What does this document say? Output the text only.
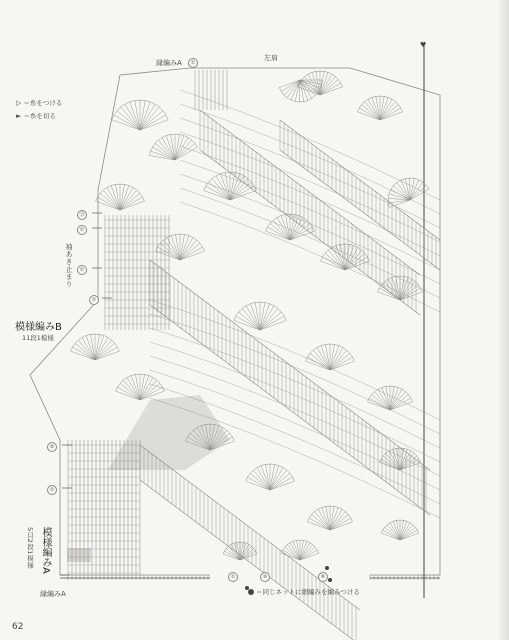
♥
▷ ＝糸をつける
► ＝糸を切る
縁編みA	①
左肩
⑬
①
①
①
袖あき止まり
模様編みB
11段1模様
⑩
①
模様編みA
5目2段1模様
縁編みA
①	⑩	⑧
＝同じネットに細編みを編みつける
62
